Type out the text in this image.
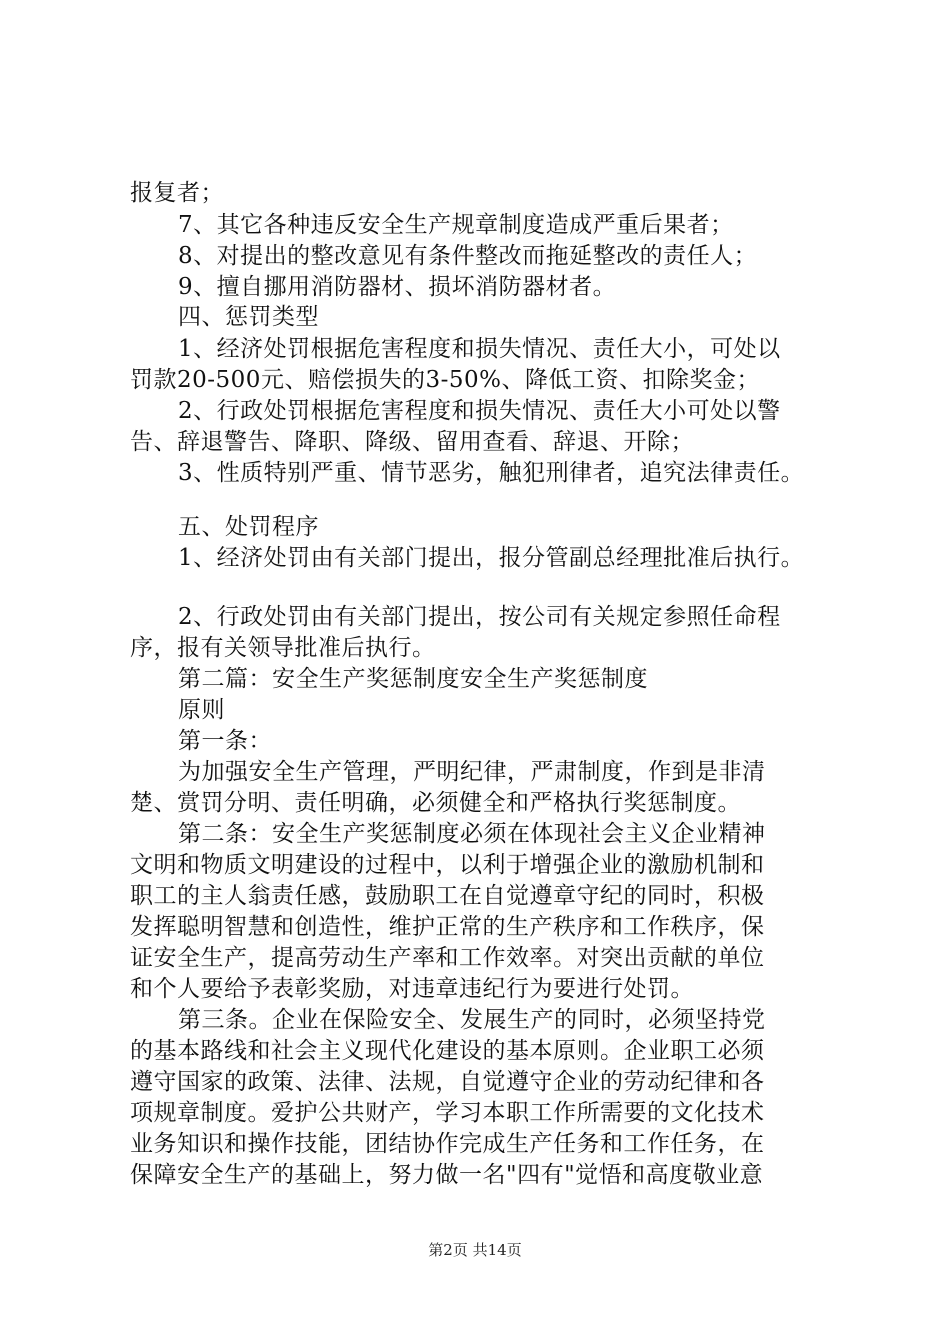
报复者；
7、其它各种违反安全生产规章制度造成严重后果者；
8、对提出的整改意见有条件整改而拖延整改的责任人；
9、擅自挪用消防器材、损坏消防器材者。
四、惩罚类型
1、经济处罚根据危害程度和损失情况、责任大小，可处以
罚款20-500元、赔偿损失的3-50%、降低工资、扣除奖金；
2、行政处罚根据危害程度和损失情况、责任大小可处以警
告、辞退警告、降职、降级、留用查看、辞退、开除；
3、性质特别严重、情节恶劣，触犯刑律者，追究法律责任。
五、处罚程序
1、经济处罚由有关部门提出，报分管副总经理批准后执行。
2、行政处罚由有关部门提出，按公司有关规定参照任命程
序，报有关领导批准后执行。
第二篇：安全生产奖惩制度安全生产奖惩制度
原则
第一条：
为加强安全生产管理，严明纪律，严肃制度，作到是非清
楚、赏罚分明、责任明确，必须健全和严格执行奖惩制度。
第二条：安全生产奖惩制度必须在体现社会主义企业精神
文明和物质文明建设的过程中，以利于增强企业的激励机制和
职工的主人翁责任感，鼓励职工在自觉遵章守纪的同时，积极
发挥聪明智慧和创造性，维护正常的生产秩序和工作秩序，保
证安全生产，提高劳动生产率和工作效率。对突出贡献的单位
和个人要给予表彰奖励，对违章违纪行为要进行处罚。
第三条。企业在保险安全、发展生产的同时，必须坚持党
的基本路线和社会主义现代化建设的基本原则。企业职工必须
遵守国家的政策、法律、法规，自觉遵守企业的劳动纪律和各
项规章制度。爱护公共财产，学习本职工作所需要的文化技术
业务知识和操作技能，团结协作完成生产任务和工作任务，在
保障安全生产的基础上，努力做一名"四有"觉悟和高度敬业意
第2页 共14页
